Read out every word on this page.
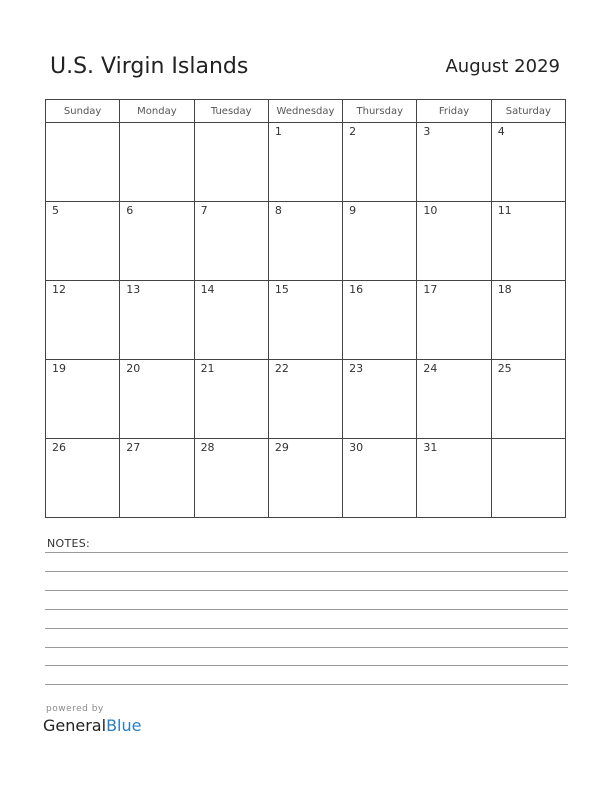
U.S. Virgin Islands	August 2029
Sunday	Monday	Tuesday	Wednesday	Thursday	Friday	Saturday
			1	2	3	4
5	6	7	8	9	10	11
12	13	14	15	16	17	18
19	20	21	22	23	24	25
26	27	28	29	30	31	
NOTES:
powered by
GeneralBlue
